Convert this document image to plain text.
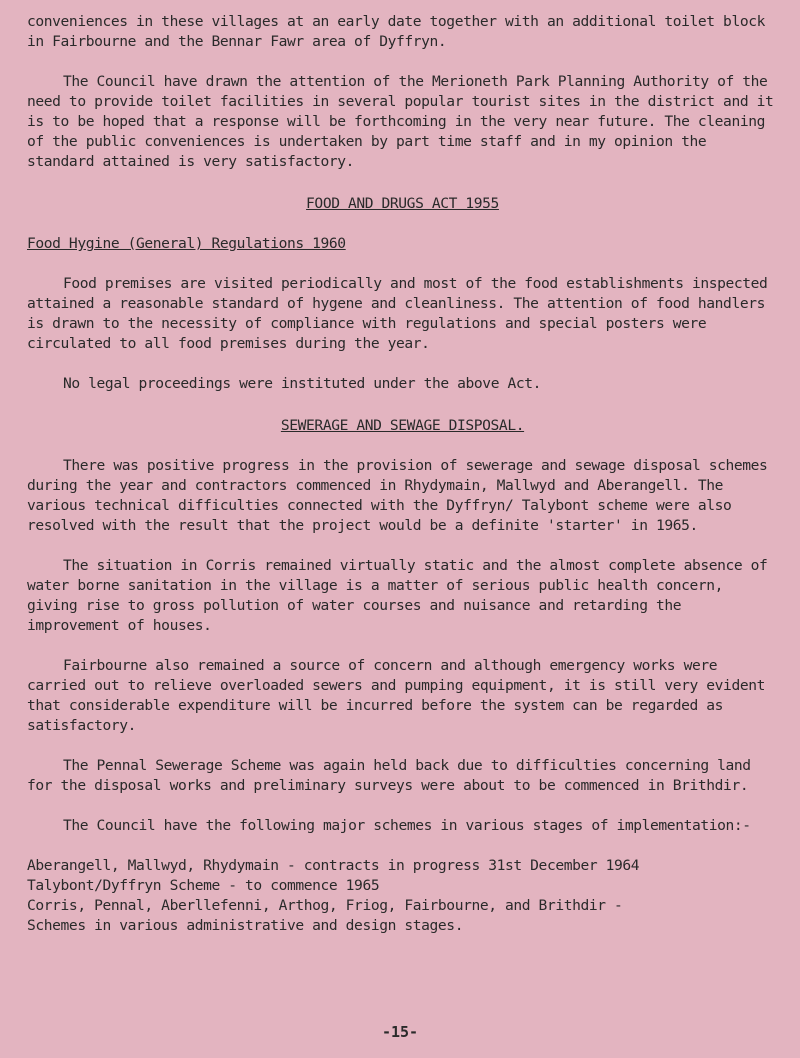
conveniences in these villages at an early date together with an additional toilet block in Fairbourne and the Bennar Fawr area of Dyffryn.

The Council have drawn the attention of the Merioneth Park Planning Authority of the need to provide toilet facilities in several popular tourist sites in the district and it is to be hoped that a response will be forthcoming in the very near future. The cleaning of the public conveniences is undertaken by part time staff and in my opinion the standard attained is very satisfactory.

FOOD AND DRUGS ACT 1955

Food Hygine (General) Regulations 1960

Food premises are visited periodically and most of the food establishments inspected attained a reasonable standard of hygene and cleanliness. The attention of food handlers is drawn to the necessity of compliance with regulations and special posters were circulated to all food premises during the year.

No legal proceedings were instituted under the above Act.

SEWERAGE AND SEWAGE DISPOSAL.

There was positive progress in the provision of sewerage and sewage disposal schemes during the year and contractors commenced in Rhydymain, Mallwyd and Aberangell. The various technical difficulties connected with the Dyffryn/ Talybont scheme were also resolved with the result that the project would be a definite 'starter' in 1965.

The situation in Corris remained virtually static and the almost complete absence of water borne sanitation in the village is a matter of serious public health concern, giving rise to gross pollution of water courses and nuisance and retarding the improvement of houses.

Fairbourne also remained a source of concern and although emergency works were carried out to relieve overloaded sewers and pumping equipment, it is still very evident that considerable expenditure will be incurred before the system can be regarded as satisfactory.

The Pennal Sewerage Scheme was again held back due to difficulties concerning land for the disposal works and preliminary surveys were about to be commenced in Brithdir.

The Council have the following major schemes in various stages of implementation:-

Aberangell, Mallwyd, Rhydymain - contracts in progress 31st December 1964
Talybont/Dyffryn Scheme - to commence 1965
Corris, Pennal, Aberllefenni, Arthog, Friog, Fairbourne, and Brithdir -
Schemes in various administrative and design stages.
-15-
